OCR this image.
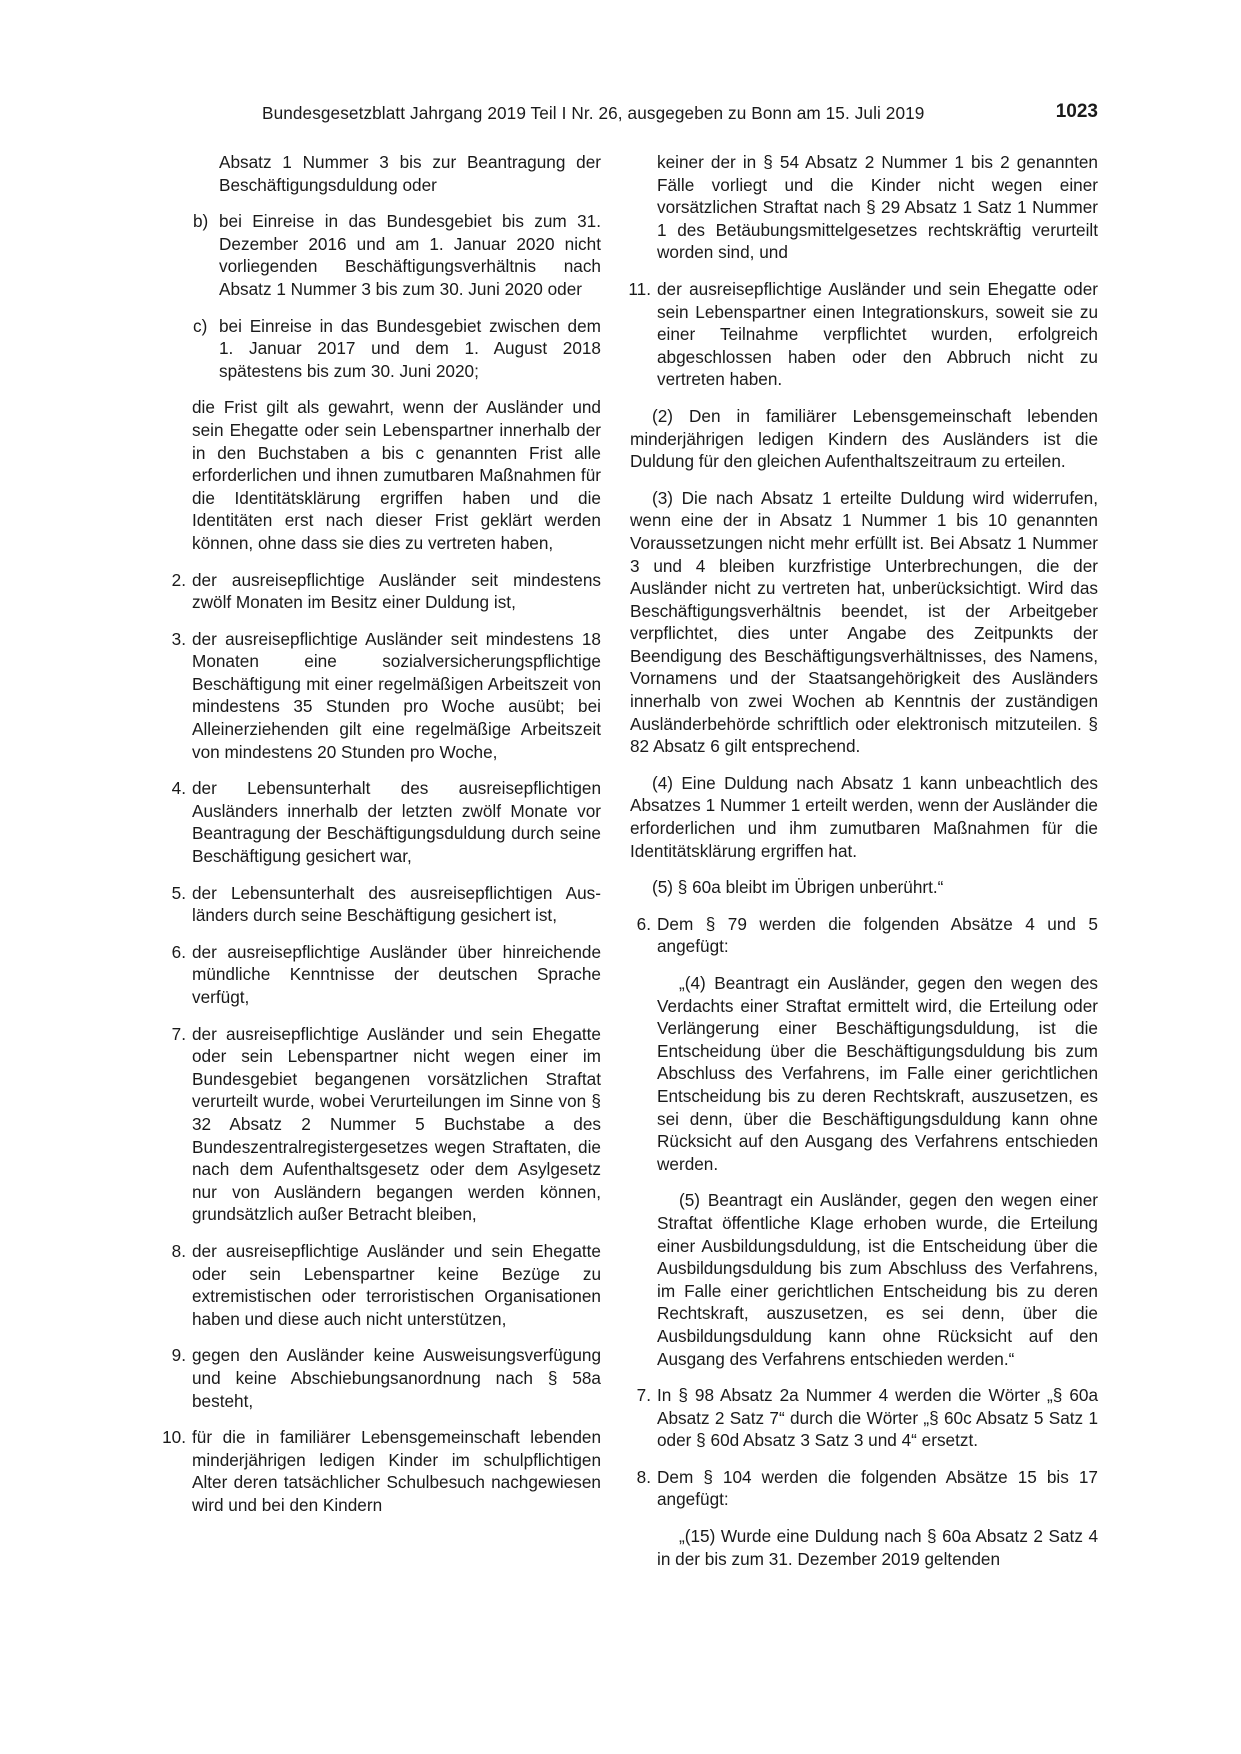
Bundesgesetzblatt Jahrgang 2019 Teil I Nr. 26, ausgegeben zu Bonn am 15. Juli 2019	1023
Absatz 1 Nummer 3 bis zur Beantragung der Beschäftigungsduldung oder
b) bei Einreise in das Bundesgebiet bis zum 31. Dezember 2016 und am 1. Januar 2020 nicht vorliegenden Beschäftigungsverhältnis nach Absatz 1 Nummer 3 bis zum 30. Juni 2020 oder
c) bei Einreise in das Bundesgebiet zwischen dem 1. Januar 2017 und dem 1. August 2018 spätestens bis zum 30. Juni 2020;
die Frist gilt als gewahrt, wenn der Ausländer und sein Ehegatte oder sein Lebenspartner innerhalb der in den Buchstaben a bis c genannten Frist alle erforderlichen und ihnen zumutbaren Maßnahmen für die Identitätsklärung ergriffen haben und die Identitäten erst nach dieser Frist geklärt werden können, ohne dass sie dies zu vertreten haben,
2. der ausreisepflichtige Ausländer seit mindestens zwölf Monaten im Besitz einer Duldung ist,
3. der ausreisepflichtige Ausländer seit mindestens 18 Monaten eine sozialversicherungspflichtige Beschäftigung mit einer regelmäßigen Arbeitszeit von mindestens 35 Stunden pro Woche ausübt; bei Alleinerziehenden gilt eine regelmäßige Arbeitszeit von mindestens 20 Stunden pro Woche,
4. der Lebensunterhalt des ausreisepflichtigen Ausländers innerhalb der letzten zwölf Monate vor Beantragung der Beschäftigungsduldung durch seine Beschäftigung gesichert war,
5. der Lebensunterhalt des ausreisepflichtigen Ausländers durch seine Beschäftigung gesichert ist,
6. der ausreisepflichtige Ausländer über hinreichende mündliche Kenntnisse der deutschen Sprache verfügt,
7. der ausreisepflichtige Ausländer und sein Ehegatte oder sein Lebenspartner nicht wegen einer im Bundesgebiet begangenen vorsätzlichen Straftat verurteilt wurde, wobei Verurteilungen im Sinne von § 32 Absatz 2 Nummer 5 Buchstabe a des Bundeszentralregistergesetzes wegen Straftaten, die nach dem Aufenthaltsgesetz oder dem Asylgesetz nur von Ausländern begangen werden können, grundsätzlich außer Betracht bleiben,
8. der ausreisepflichtige Ausländer und sein Ehegatte oder sein Lebenspartner keine Bezüge zu extremistischen oder terroristischen Organisationen haben und diese auch nicht unterstützen,
9. gegen den Ausländer keine Ausweisungsverfügung und keine Abschiebungsanordnung nach § 58a besteht,
10. für die in familiärer Lebensgemeinschaft lebenden minderjährigen ledigen Kinder im schulpflichtigen Alter deren tatsächlicher Schulbesuch nachgewiesen wird und bei den Kindern
keiner der in § 54 Absatz 2 Nummer 1 bis 2 genannten Fälle vorliegt und die Kinder nicht wegen einer vorsätzlichen Straftat nach § 29 Absatz 1 Satz 1 Nummer 1 des Betäubungsmittelgesetzes rechtskräftig verurteilt worden sind, und
11. der ausreisepflichtige Ausländer und sein Ehegatte oder sein Lebenspartner einen Integrationskurs, soweit sie zu einer Teilnahme verpflichtet wurden, erfolgreich abgeschlossen haben oder den Abbruch nicht zu vertreten haben.
(2) Den in familiärer Lebensgemeinschaft lebenden minderjährigen ledigen Kindern des Ausländers ist die Duldung für den gleichen Aufenthaltszeitraum zu erteilen.
(3) Die nach Absatz 1 erteilte Duldung wird widerrufen, wenn eine der in Absatz 1 Nummer 1 bis 10 genannten Voraussetzungen nicht mehr erfüllt ist. Bei Absatz 1 Nummer 3 und 4 bleiben kurzfristige Unterbrechungen, die der Ausländer nicht zu vertreten hat, unberücksichtigt. Wird das Beschäftigungsverhältnis beendet, ist der Arbeitgeber verpflichtet, dies unter Angabe des Zeitpunkts der Beendigung des Beschäftigungsverhältnisses, des Namens, Vornamens und der Staatsangehörigkeit des Ausländers innerhalb von zwei Wochen ab Kenntnis der zuständigen Ausländerbehörde schriftlich oder elektronisch mitzuteilen. § 82 Absatz 6 gilt entsprechend.
(4) Eine Duldung nach Absatz 1 kann unbeachtlich des Absatzes 1 Nummer 1 erteilt werden, wenn der Ausländer die erforderlichen und ihm zumutbaren Maßnahmen für die Identitätsklärung ergriffen hat.
(5) § 60a bleibt im Übrigen unberührt.“
6. Dem § 79 werden die folgenden Absätze 4 und 5 angefügt:
„(4) Beantragt ein Ausländer, gegen den wegen des Verdachts einer Straftat ermittelt wird, die Erteilung oder Verlängerung einer Beschäftigungsduldung, ist die Entscheidung über die Beschäftigungsduldung bis zum Abschluss des Verfahrens, im Falle einer gerichtlichen Entscheidung bis zu deren Rechtskraft, auszusetzen, es sei denn, über die Beschäftigungsduldung kann ohne Rücksicht auf den Ausgang des Verfahrens entschieden werden.
(5) Beantragt ein Ausländer, gegen den wegen einer Straftat öffentliche Klage erhoben wurde, die Erteilung einer Ausbildungsduldung, ist die Entscheidung über die Ausbildungsduldung bis zum Abschluss des Verfahrens, im Falle einer gerichtlichen Entscheidung bis zu deren Rechtskraft, auszusetzen, es sei denn, über die Ausbildungsduldung kann ohne Rücksicht auf den Ausgang des Verfahrens entschieden werden.“
7. In § 98 Absatz 2a Nummer 4 werden die Wörter „§ 60a Absatz 2 Satz 7“ durch die Wörter „§ 60c Absatz 5 Satz 1 oder § 60d Absatz 3 Satz 3 und 4“ ersetzt.
8. Dem § 104 werden die folgenden Absätze 15 bis 17 angefügt:
„(15) Wurde eine Duldung nach § 60a Absatz 2 Satz 4 in der bis zum 31. Dezember 2019 geltenden
